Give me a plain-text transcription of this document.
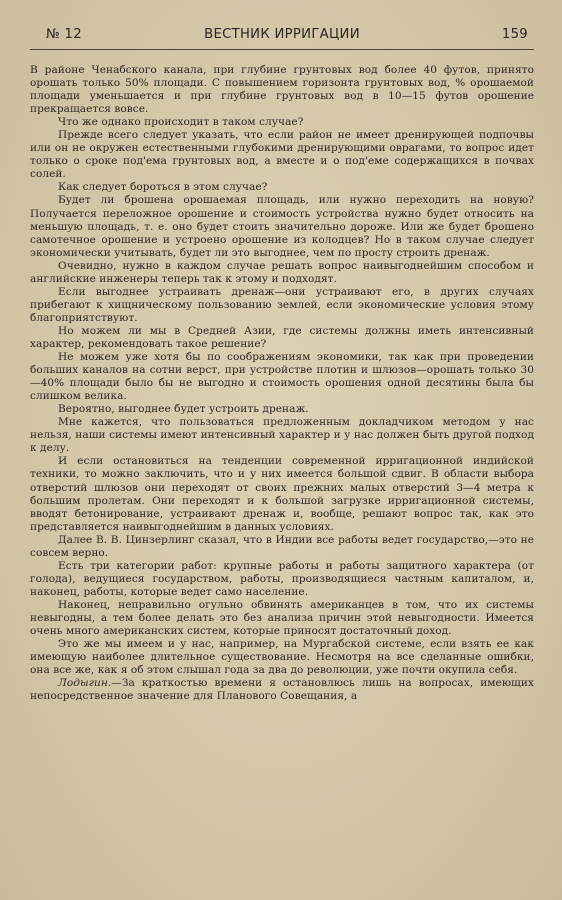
№ 12	ВЕСТНИК ИРРИГАЦИИ	159

В районе Ченабского канала, при глубине грунтовых вод более 40 футов, принято орошать только 50% площади. С повышением горизонта грунтовых вод, % орошаемой площади уменьшается и при глубине грунтовых вод в 10—15 футов орошение прекращается вовсе.

Что же однако происходит в таком случае?

Прежде всего следует указать, что если район не имеет дренирующей подпочвы или он не окружен естественными глубокими дренирующими оврагами, то вопрос идет только о сроке под'ема грунтовых вод, а вместе и о под'еме содержащихся в почвах солей.

Как следует бороться в этом случае?

Будет ли брошена орошаемая площадь, или нужно переходить на новую? Получается переложное орошение и стоимость устройства нужно будет относить на меньшую площадь, т. е. оно будет стоить значительно дороже. Или же будет брошено самотечное орошение и устроено орошение из колодцев? Но в таком случае следует экономически учитывать, будет ли это выгоднее, чем по просту строить дренаж.

Очевидно, нужно в каждом случае решать вопрос наивыгоднейшим способом и английские инженеры теперь так к этому и подходят.

Если выгоднее устраивать дренаж—они устраивают его, в других случаях прибегают к хищническому пользованию землей, если экономические условия этому благоприятствуют.

Но можем ли мы в Средней Азии, где системы должны иметь интенсивный характер, рекомендовать такое решение?

Не можем уже хотя бы по соображениям экономики, так как при проведении больших каналов на сотни верст, при устройстве плотин и шлюзов—орошать только 30—40% площади было бы не выгодно и стоимость орошения одной десятины была бы слишком велика.

Вероятно, выгоднее будет устроить дренаж.

Мне кажется, что пользоваться предложенным докладчиком методом у нас нельзя, наши системы имеют интенсивный характер и у нас должен быть другой подход к делу.

И если остановиться на тенденции современной ирригационной индийской техники, то можно заключить, что и у них имеется большой сдвиг. В области выбора отверстий шлюзов они переходят от своих прежних малых отверстий 3—4 метра к большим пролетам. Они переходят и к большой загрузке ирригационной системы, вводят бетонирование, устраивают дренаж и, вообще, решают вопрос так, как это представляется наивыгоднейшим в данных условиях.

Далее В. В. Цинзерлинг сказал, что в Индии все работы ведет государство,—это не совсем верно.

Есть три категории работ: крупные работы и работы защитного характера (от голода), ведущиеся государством, работы, производящиеся частным капиталом, и, наконец, работы, которые ведет само население.

Наконец, неправильно огульно обвинять американцев в том, что их системы невыгодны, а тем более делать это без анализа причин этой невыгодности. Имеется очень много американских систем, которые приносят достаточный доход.

Это же мы имеем и у нас, например, на Мургабской системе, если взять ее как имеющую наиболее длительное существование. Несмотря на все сделанные ошибки, она все же, как я об этом слышал года за два до революции, уже почти окупила себя.

Лодыгин.—За краткостью времени я остановлюсь лишь на вопросах, имеющих непосредственное значение для Планового Совещания, а
